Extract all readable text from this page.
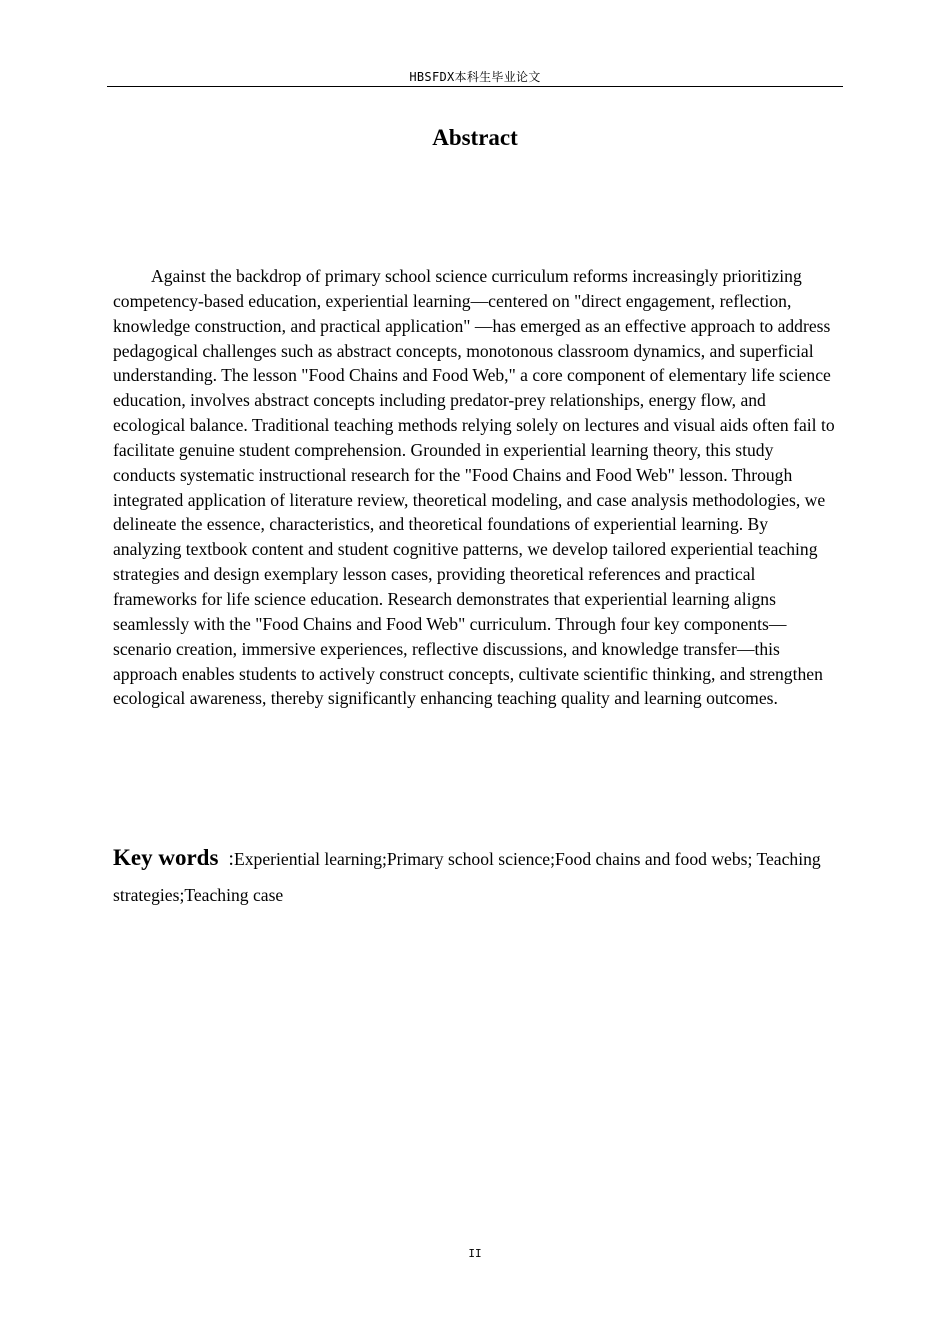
HBSFDX本科生毕业论文
Abstract

Against the backdrop of primary school science curriculum reforms increasingly prioritizing competency-based education, experiential learning—centered on "direct engagement, reflection, knowledge construction, and practical application" —has emerged as an effective approach to address pedagogical challenges such as abstract concepts, monotonous classroom dynamics, and superficial understanding. The lesson "Food Chains and Food Web," a core component of elementary life science education, involves abstract concepts including predator-prey relationships, energy flow, and ecological balance. Traditional teaching methods relying solely on lectures and visual aids often fail to facilitate genuine student comprehension. Grounded in experiential learning theory, this study conducts systematic instructional research for the "Food Chains and Food Web" lesson. Through integrated application of literature review, theoretical modeling, and case analysis methodologies, we delineate the essence, characteristics, and theoretical foundations of experiential learning. By analyzing textbook content and student cognitive patterns, we develop tailored experiential teaching strategies and design exemplary lesson cases, providing theoretical references and practical frameworks for life science education. Research demonstrates that experiential learning aligns seamlessly with the "Food Chains and Food Web" curriculum. Through four key components—scenario creation, immersive experiences, reflective discussions, and knowledge transfer—this approach enables students to actively construct concepts, cultivate scientific thinking, and strengthen ecological awareness, thereby significantly enhancing teaching quality and learning outcomes.

Key words :Experiential learning;Primary school science;Food chains and food webs; Teaching strategies;Teaching case

II
